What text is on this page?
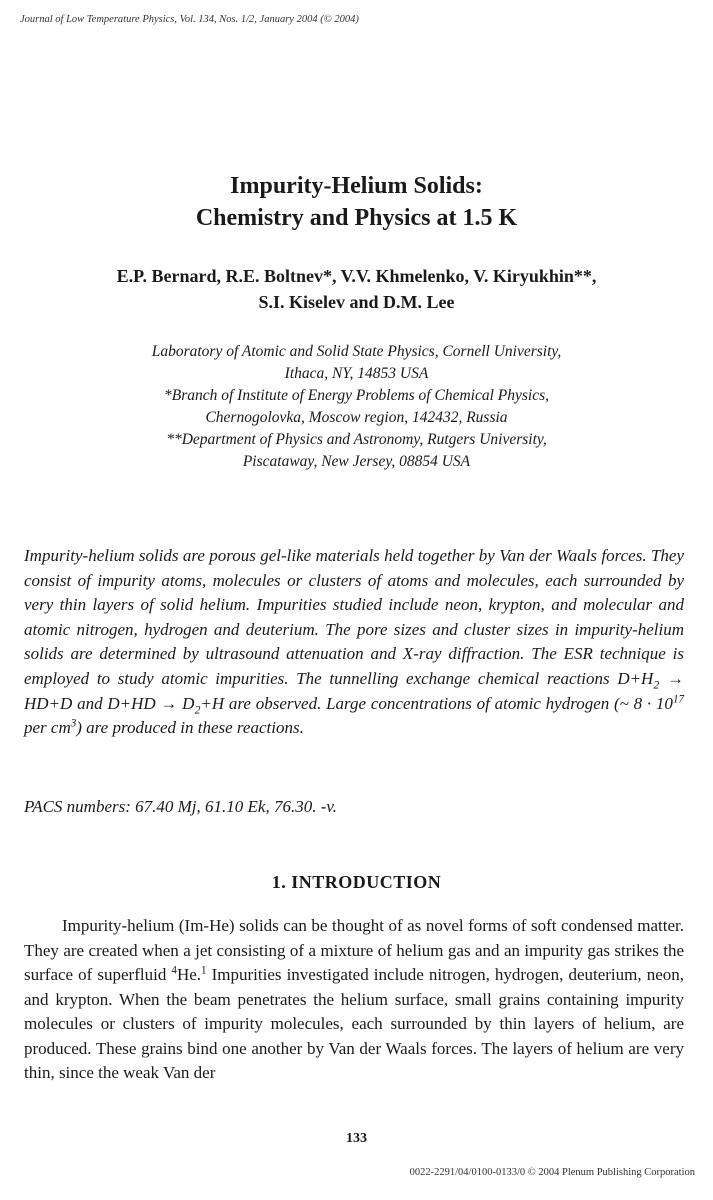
Journal of Low Temperature Physics, Vol. 134, Nos. 1/2, January 2004 (© 2004)
Impurity-Helium Solids:
Chemistry and Physics at 1.5 K
E.P. Bernard, R.E. Boltnev*, V.V. Khmelenko, V. Kiryukhin**,
S.I. Kiselev and D.M. Lee
Laboratory of Atomic and Solid State Physics, Cornell University,
Ithaca, NY, 14853 USA
*Branch of Institute of Energy Problems of Chemical Physics,
Chernogolovka, Moscow region, 142432, Russia
**Department of Physics and Astronomy, Rutgers University,
Piscataway, New Jersey, 08854 USA
Impurity-helium solids are porous gel-like materials held together by Van der Waals forces. They consist of impurity atoms, molecules or clusters of atoms and molecules, each surrounded by very thin layers of solid helium. Impurities studied include neon, krypton, and molecular and atomic nitrogen, hydrogen and deuterium. The pore sizes and cluster sizes in impurity-helium solids are determined by ultrasound attenuation and X-ray diffraction. The ESR technique is employed to study atomic impurities. The tunnelling exchange chemical reactions $D+H_2 \to HD+D$ and $D+HD \to D_2+H$ are observed. Large concentrations of atomic hydrogen (~ $8 \cdot 10^{17}$ per $cm^3$) are produced in these reactions.
PACS numbers: 67.40 Mj, 61.10 Ek, 76.30. -v.
1. INTRODUCTION

Impurity-helium (Im-He) solids can be thought of as novel forms of soft condensed matter. They are created when a jet consisting of a mixture of helium gas and an impurity gas strikes the surface of superfluid $^4$He.$^1$ Impurities investigated include nitrogen, hydrogen, deuterium, neon, and krypton. When the beam penetrates the helium surface, small grains containing impurity molecules or clusters of impurity molecules, each surrounded by thin layers of helium, are produced. These grains bind one another by Van der Waals forces. The layers of helium are very thin, since the weak Van der

133
0022-2291/04/0100-0133/0 © 2004 Plenum Publishing Corporation
